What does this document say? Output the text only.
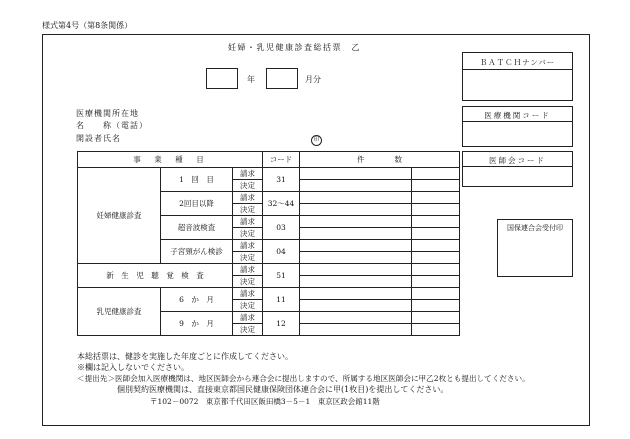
様式第4号（第8条関係）
妊婦・乳児健康診査総括票　乙
年	月分
ＢＡＴＣＨナンバー
医療機関コード
医師会コード
国保連合会受付印
医療機関所在地
名　　称（電話）
開設者氏名	印
事　業　種　目			コード	件　　　　数	
妊婦健康診査	1　回　目	請求	31		
		決定			
	2回目以降	請求	32～44		
		決定			
	超音波検査	請求	03		
		決定			
	子宮頸がん検診	請求	04		
		決定			
新　生　児　聴　覚　検　査		請求	51		
		決定			
乳児健康診査	6　か　月	請求	11		
		決定			
	9　か　月	請求	12		
		決定			
本総括票は、健診を実施した年度ごとに作成してください。
※欄は記入しないでください。
＜提出先＞医師会加入医療機関は、地区医師会から連合会に提出しますので、所属する地区医師会に甲乙2枚とも提出してください。
個別契約医療機関は、直接東京都国民健康保険団体連合会に甲(1枚目)を提出してください。
〒102－0072　東京都千代田区飯田橋3－5－1　東京区政会館11階
